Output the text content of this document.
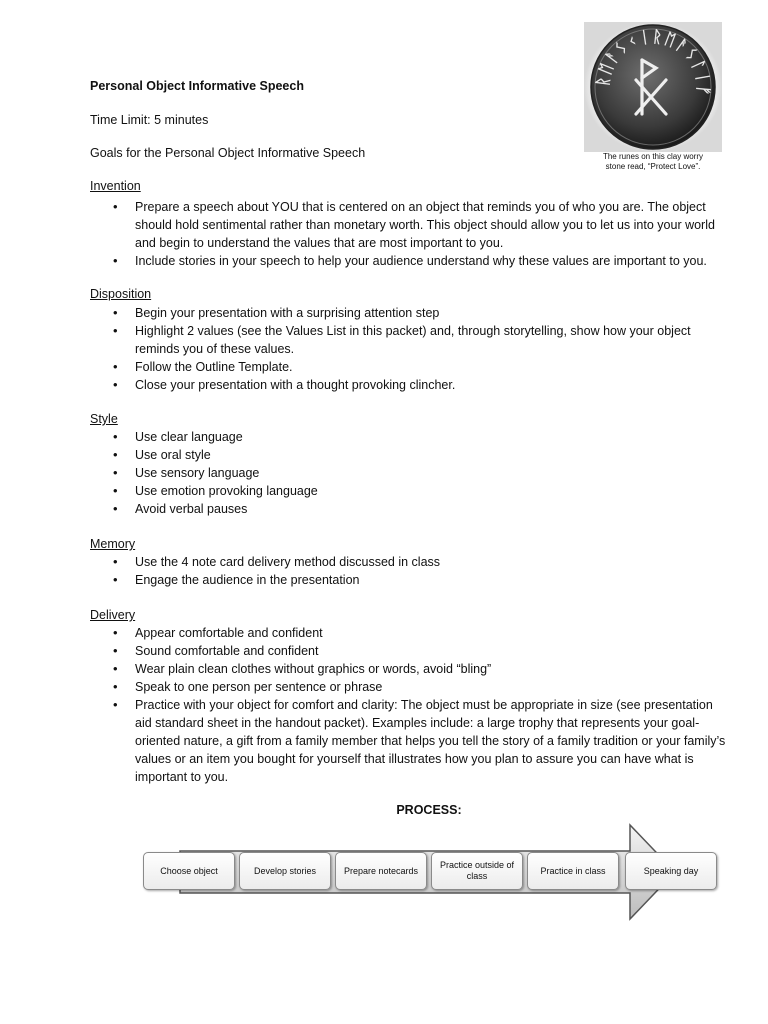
Personal Object Informative Speech
Time Limit: 5 minutes
Goals for the Personal Object Informative Speech
ᚱᛖᚨᛊᚲᛁᚱᛖᚨᛊᛚᛁᚠ
The runes on this clay worry
stone read, “Protect Love”.
Invention
• Prepare a speech about YOU that is centered on an object that reminds you of who you are. The object should hold sentimental rather than monetary worth. This object should allow you to let us into your world and begin to understand the values that are most important to you.
• Include stories in your speech to help your audience understand why these values are important to you.
Disposition
• Begin your presentation with a surprising attention step
• Highlight 2 values (see the Values List in this packet) and, through storytelling, show how your object reminds you of these values.
• Follow the Outline Template.
• Close your presentation with a thought provoking clincher.
Style
• Use clear language
• Use oral style
• Use sensory language
• Use emotion provoking language
• Avoid verbal pauses
Memory
• Use the 4 note card delivery method discussed in class
• Engage the audience in the presentation
Delivery
• Appear comfortable and confident
• Sound comfortable and confident
• Wear plain clean clothes without graphics or words, avoid “bling”
• Speak to one person per sentence or phrase
• Practice with your object for comfort and clarity: The object must be appropriate in size (see presentation aid standard sheet in the handout packet). Examples include: a large trophy that represents your goal-oriented nature, a gift from a family member that helps you tell the story of a family tradition or your family’s values or an item you bought for yourself that illustrates how you plan to assure you can have what is important to you.
PROCESS:
Choose object	Develop stories	Prepare notecards
Practice outside of class
Practice in class	Speaking day
